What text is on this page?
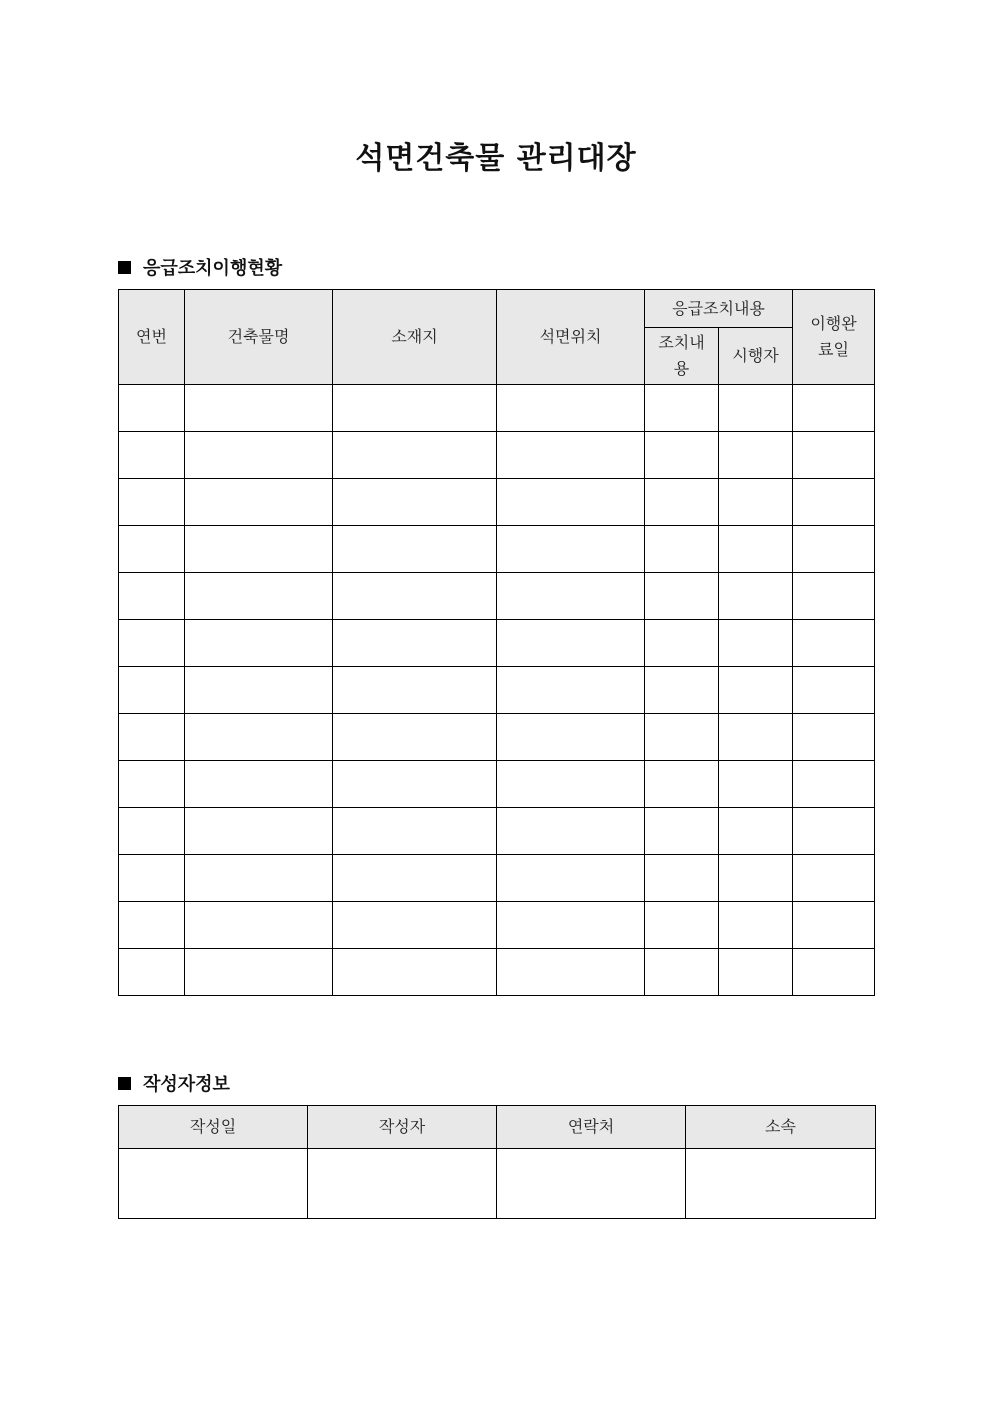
석면건축물 관리대장
응급조치이행현황
연번	건축물명	소재지	석면위치	응급조치내용		이행완료일
				조치내용	시행자	

작성자정보
작성일	작성자	연락처	소속
